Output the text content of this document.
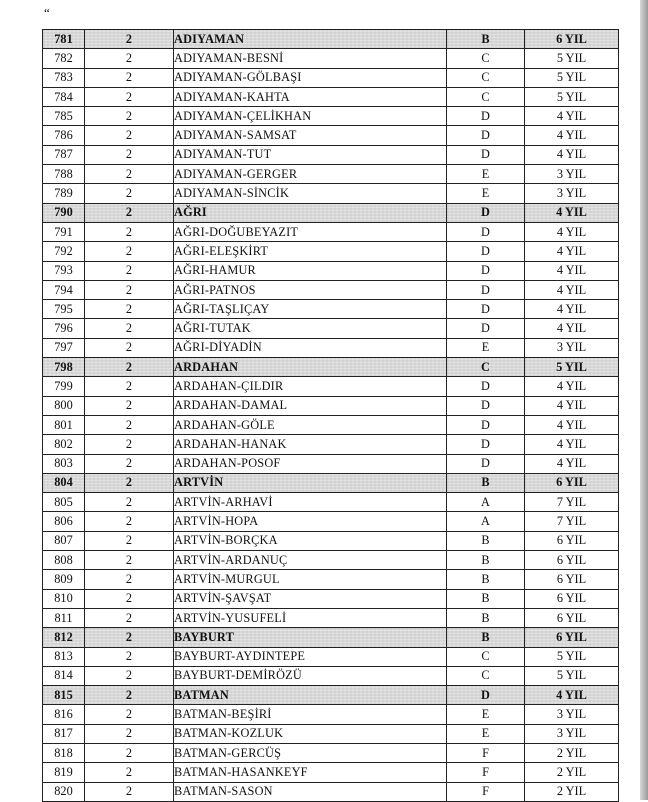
“
781	2	ADIYAMAN	B	6 YIL
782	2	ADIYAMAN-BESNİ	C	5 YIL
783	2	ADIYAMAN-GÖLBAŞI	C	5 YIL
784	2	ADIYAMAN-KAHTA	C	5 YIL
785	2	ADIYAMAN-ÇELİKHAN	D	4 YIL
786	2	ADIYAMAN-SAMSAT	D	4 YIL
787	2	ADIYAMAN-TUT	D	4 YIL
788	2	ADIYAMAN-GERGER	E	3 YIL
789	2	ADIYAMAN-SİNCİK	E	3 YIL
790	2	AĞRI	D	4 YIL
791	2	AĞRI-DOĞUBEYAZIT	D	4 YIL
792	2	AĞRI-ELEŞKİRT	D	4 YIL
793	2	AĞRI-HAMUR	D	4 YIL
794	2	AĞRI-PATNOS	D	4 YIL
795	2	AĞRI-TAŞLIÇAY	D	4 YIL
796	2	AĞRI-TUTAK	D	4 YIL
797	2	AĞRI-DİYADİN	E	3 YIL
798	2	ARDAHAN	C	5 YIL
799	2	ARDAHAN-ÇILDIR	D	4 YIL
800	2	ARDAHAN-DAMAL	D	4 YIL
801	2	ARDAHAN-GÖLE	D	4 YIL
802	2	ARDAHAN-HANAK	D	4 YIL
803	2	ARDAHAN-POSOF	D	4 YIL
804	2	ARTVİN	B	6 YIL
805	2	ARTVİN-ARHAVİ	A	7 YIL
806	2	ARTVİN-HOPA	A	7 YIL
807	2	ARTVİN-BORÇKA	B	6 YIL
808	2	ARTVİN-ARDANUÇ	B	6 YIL
809	2	ARTVİN-MURGUL	B	6 YIL
810	2	ARTVİN-ŞAVŞAT	B	6 YIL
811	2	ARTVİN-YUSUFELİ	B	6 YIL
812	2	BAYBURT	B	6 YIL
813	2	BAYBURT-AYDINTEPE	C	5 YIL
814	2	BAYBURT-DEMİRÖZÜ	C	5 YIL
815	2	BATMAN	D	4 YIL
816	2	BATMAN-BEŞİRİ	E	3 YIL
817	2	BATMAN-KOZLUK	E	3 YIL
818	2	BATMAN-GERCÜŞ	F	2 YIL
819	2	BATMAN-HASANKEYF	F	2 YIL
820	2	BATMAN-SASON	F	2 YIL
